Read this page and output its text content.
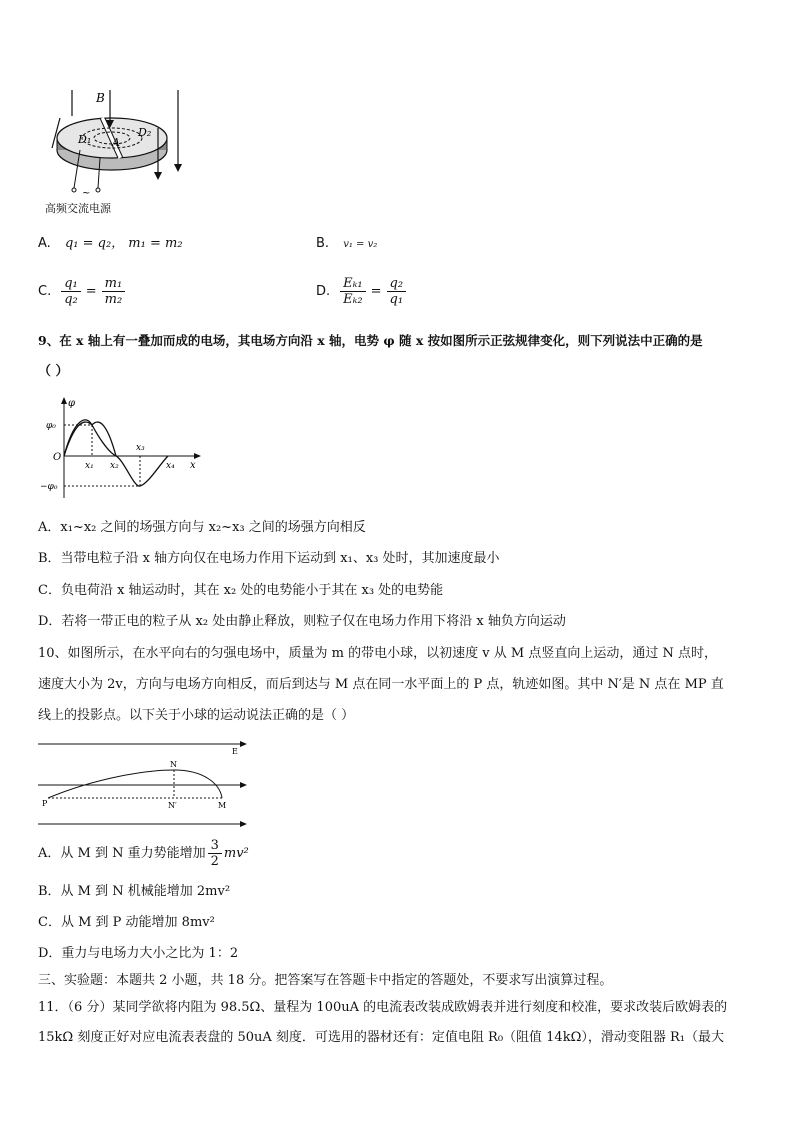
~
B
D₁
D₂
A
高频交流电源
A. q₁ = q₂， m₁ = m₂	B. v₁ = v₂
C. $\frac{\text{q₁}}{\text{q₂}} = \frac{\text{m₁}}{\text{m₂}}$	D. $\frac{\text{Eₖ₁}}{\text{Eₖ₂}} = \frac{\text{q₂}}{\text{q₁}}$
9、在 x 轴上有一叠加而成的电场，其电场方向沿 x 轴，电势 φ 随 x 按如图所示正弦规律变化，则下列说法中正确的是
（ ）
φ
φ₀
−φ₀
O
x₁ x₂
x₃
x₄ x
A．x₁~x₂ 之间的场强方向与 x₂~x₃ 之间的场强方向相反
B．当带电粒子沿 x 轴方向仅在电场力作用下运动到 x₁、x₃ 处时，其加速度最小
C．负电荷沿 x 轴运动时，其在 x₂ 处的电势能小于其在 x₃ 处的电势能
D．若将一带正电的粒子从 x₂ 处由静止释放，则粒子仅在电场力作用下将沿 x 轴负方向运动
10、如图所示，在水平向右的匀强电场中，质量为 m 的带电小球，以初速度 v 从 M 点竖直向上运动，通过 N 点时，
速度大小为 2v，方向与电场方向相反，而后到达与 M 点在同一水平面上的 P 点，轨迹如图。其中 N′是 N 点在 MP 直
线上的投影点。以下关于小球的运动说法正确的是（ ）
E
N
N′
P	M
A．从 M 到 N 重力势能增加 $\frac{3}{2} mv^2$
B．从 M 到 N 机械能增加 2mv²
C．从 M 到 P 动能增加 8mv²
D．重力与电场力大小之比为 1：2
三、实验题：本题共 2 小题，共 18 分。把答案写在答题卡中指定的答题处，不要求写出演算过程。
11．（6 分）某同学欲将内阻为 98.5Ω、量程为 100uA 的电流表改装成欧姆表并进行刻度和校准，要求改装后欧姆表的
15kΩ 刻度正好对应电流表表盘的 50uA 刻度．可选用的器材还有：定值电阻 R₀（阻值 14kΩ），滑动变阻器 R₁（最大
